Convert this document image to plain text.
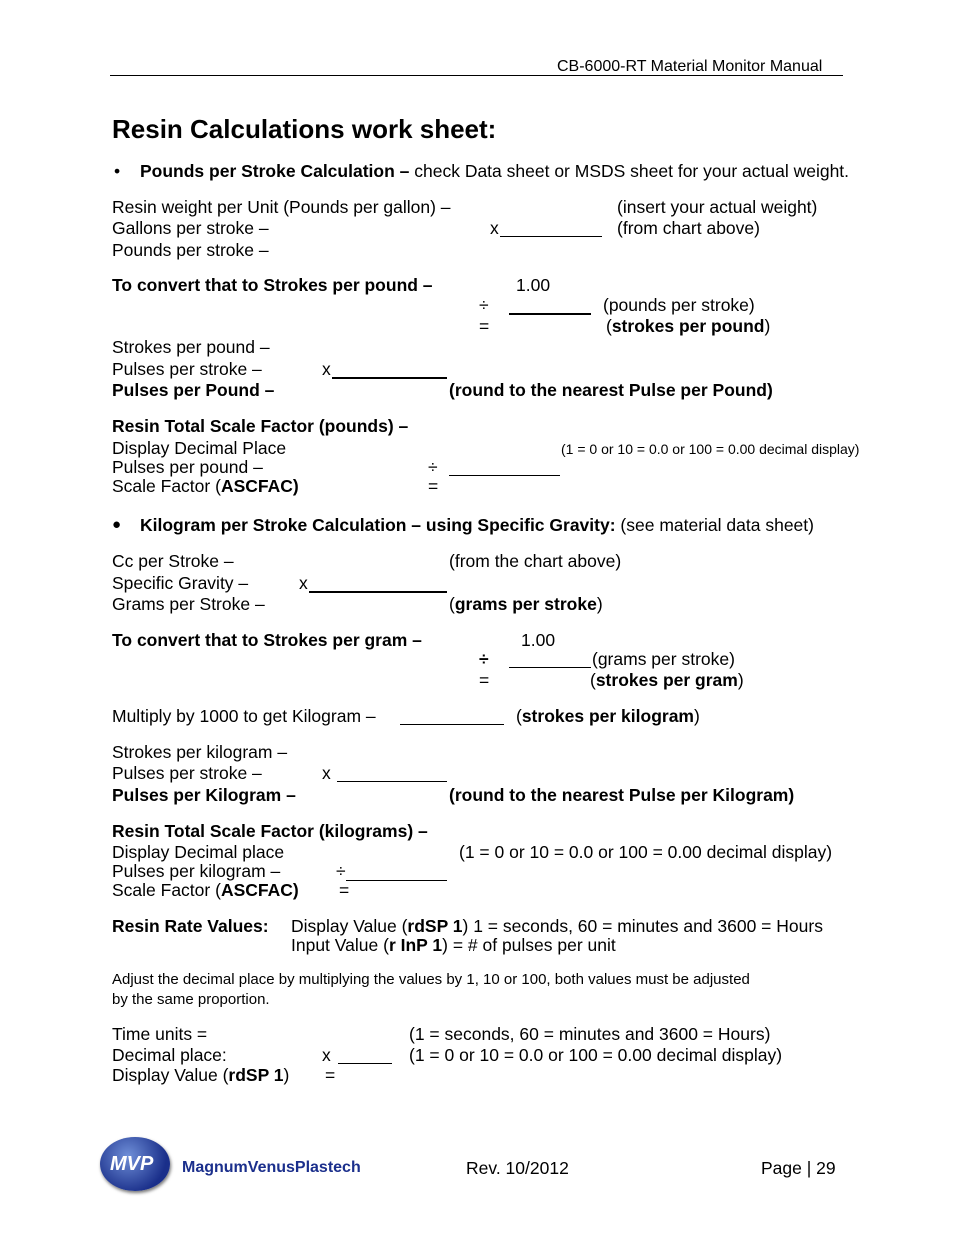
CB-6000-RT Material Monitor Manual
Resin Calculations work sheet:
• Pounds per Stroke Calculation – check Data sheet or MSDS sheet for your actual weight.
Resin weight per Unit (Pounds per gallon) –	(insert your actual weight)
Gallons per stroke –	x	(from chart above)
Pounds per stroke –
To convert that to Strokes per pound –	1.00
÷	(pounds per stroke)
=	(strokes per pound)
Strokes per pound –
Pulses per stroke –	x
Pulses per Pound –	(round to the nearest Pulse per Pound)
Resin Total Scale Factor (pounds) –
Display Decimal Place	(1 = 0 or 10 = 0.0 or 100 = 0.00 decimal display)
Pulses per pound –	÷
Scale Factor (ASCFAC)	=
● Kilogram per Stroke Calculation – using Specific Gravity: (see material data sheet)
Cc per Stroke –	(from the chart above)
Specific Gravity –	x
Grams per Stroke –	(grams per stroke)
To convert that to Strokes per gram –	1.00
÷	(grams per stroke)
=	(strokes per gram)
Multiply by 1000 to get Kilogram –	(strokes per kilogram)
Strokes per kilogram –
Pulses per stroke –	x
Pulses per Kilogram –	(round to the nearest Pulse per Kilogram)
Resin Total Scale Factor (kilograms) –
Display Decimal place	(1 = 0 or 10 = 0.0 or 100 = 0.00 decimal display)
Pulses per kilogram –	÷
Scale Factor (ASCFAC) =
Resin Rate Values: Display Value (rdSP 1) 1 = seconds, 60 = minutes and 3600 = Hours
Input Value (r InP 1) = # of pulses per unit
Adjust the decimal place by multiplying the values by 1, 10 or 100, both values must be adjusted
by the same proportion.
Time units =	(1 = seconds, 60 = minutes and 3600 = Hours)
Decimal place:	x	(1 = 0 or 10 = 0.0 or 100 = 0.00 decimal display)
Display Value (rdSP 1) =
MVP MagnumVenusPlastech	Rev. 10/2012	Page | 29
